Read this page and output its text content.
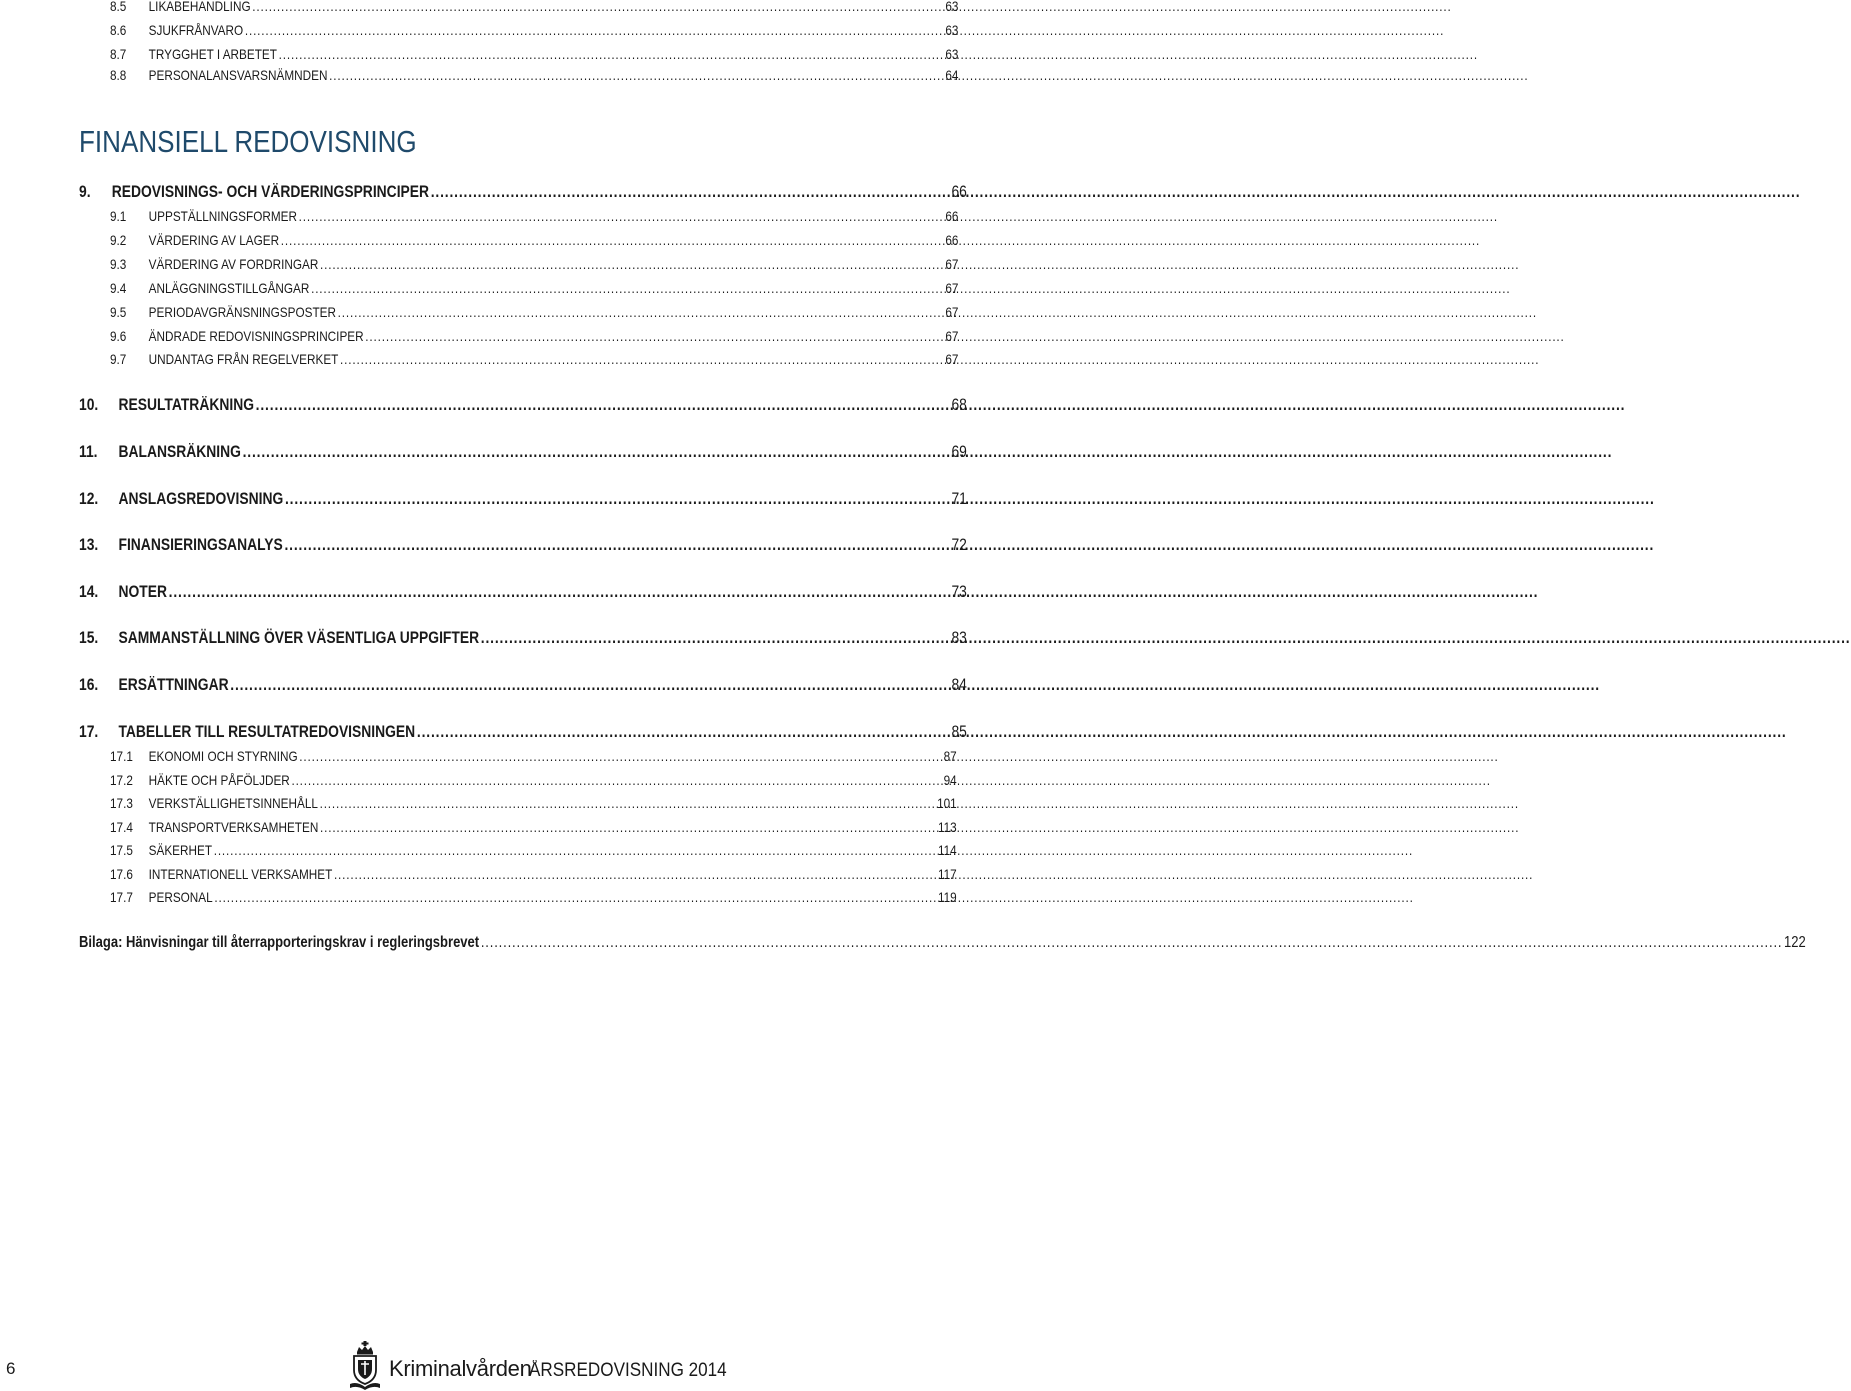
8.5	LIKABEHANDLING .....	63
8.6	SJUKFRÅNVARO .....	63
8.7	TRYGGHET I ARBETET .....	63
8.8	PERSONALANSVARSNÄMNDEN .....	64
FINANSIELL REDOVISNING
9.	REDOVISNINGS- OCH VÄRDERINGSPRINCIPER .....	66
9.1	UPPSTÄLLNINGSFORMER .....	66
9.2	VÄRDERING AV LAGER .....	66
9.3	VÄRDERING AV FORDRINGAR .....	67
9.4	ANLÄGGNINGSTILLGÅNGAR .....	67
9.5	PERIODAVGRÄNSNINGSPOSTER .....	67
9.6	ÄNDRADE REDOVISNINGSPRINCIPER .....	67
9.7	UNDANTAG FRÅN REGELVERKET .....	67
10.	RESULTATRÄKNING .....	68
11.	BALANSRÄKNING .....	69
12.	ANSLAGSREDOVISNING .....	71
13.	FINANSIERINGSANALYS .....	72
14.	NOTER .....	73
15.	SAMMANSTÄLLNING ÖVER VÄSENTLIGA UPPGIFTER .....	83
16.	ERSÄTTNINGAR .....	84
17.	TABELLER TILL RESULTATREDOVISNINGEN .....	85
17.1	EKONOMI OCH STYRNING .....	87
17.2	HÄKTE OCH PÅFÖLJDER .....	94
17.3	VERKSTÄLLIGHETSINNEHÅLL .....	101
17.4	TRANSPORTVERKSAMHETEN .....	113
17.5	SÄKERHET .....	114
17.6	INTERNATIONELL VERKSAMHET .....	117
17.7	PERSONAL .....	119
Bilaga: Hänvisningar till återrapporteringskrav i regleringsbrevet .....	122
6	Kriminalvården
ÅRSREDOVISNING 2014
